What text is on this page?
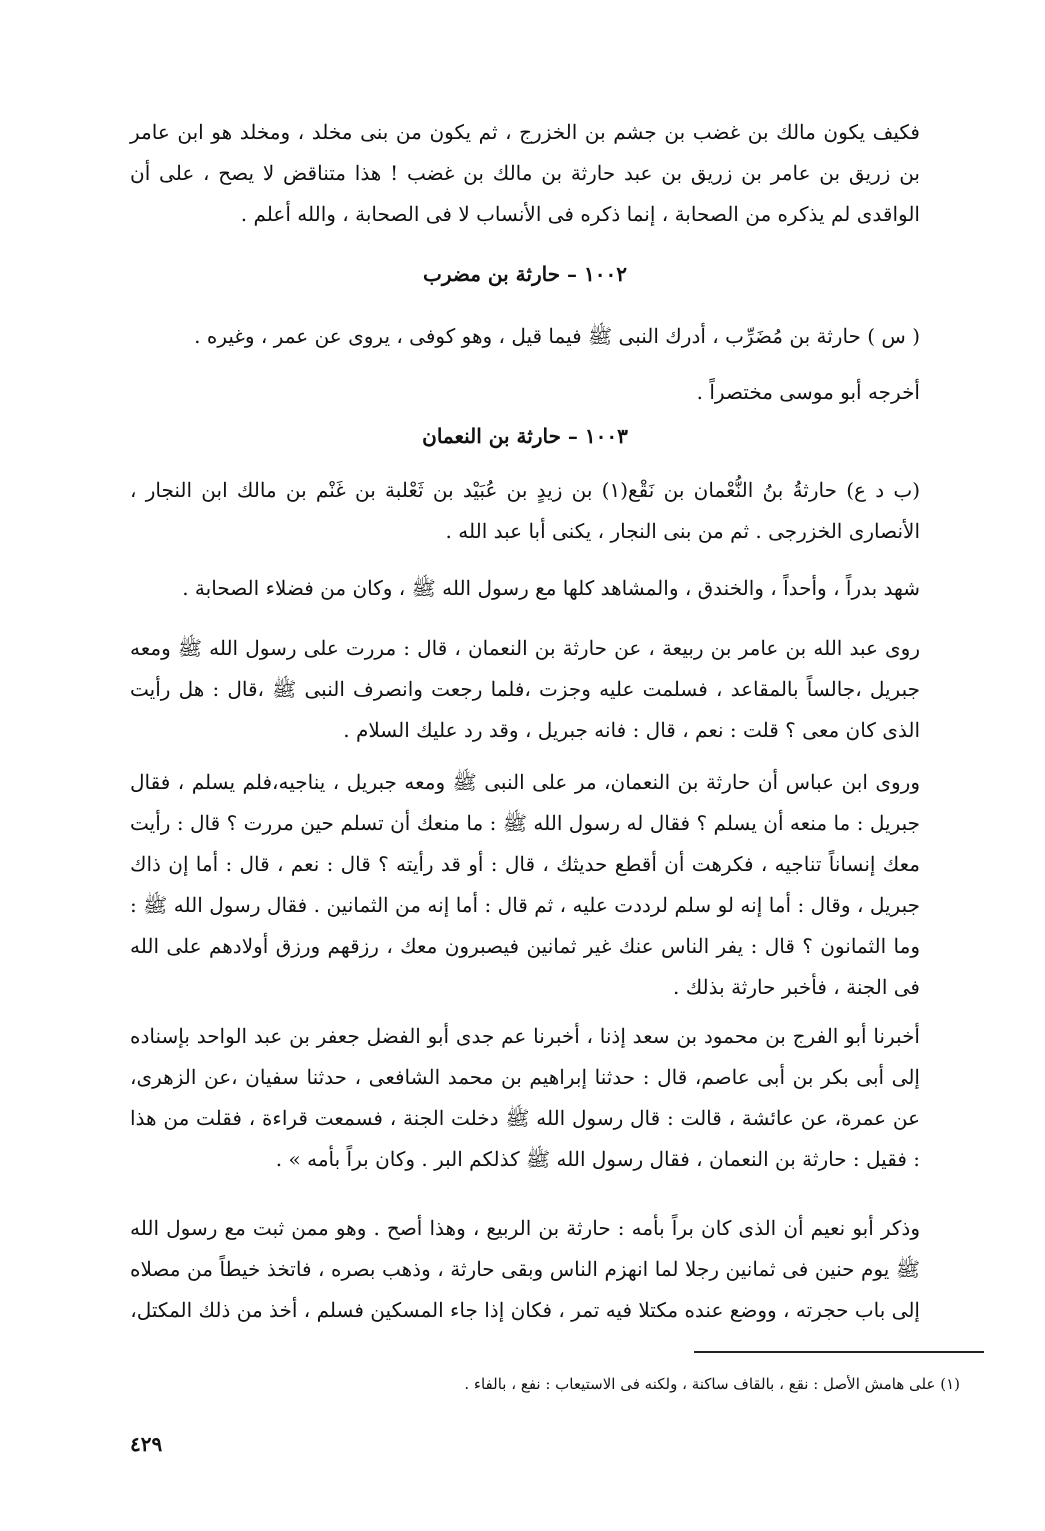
فكيف يكون مالك بن غضب بن جشم بن الخزرج ، ثم يكون من بنى مخلد ، ومخلد هو ابن عامر بن زريق بن عامر بن زريق بن عبد حارثة بن مالك بن غضب ! هذا متناقض لا يصح ، على أن الواقدى لم يذكره من الصحابة ، إنما ذكره فى الأنساب لا فى الصحابة ، والله أعلم .
١٠٠٢ – حارثة بن مضرب
( س ) حارثة بن مُضَرِّب ، أدرك النبى ﷺ فيما قيل ، وهو كوفى ، يروى عن عمر ، وغيره .
أخرجه أبو موسى مختصراً .
١٠٠٣ – حارثة بن النعمان
(ب د ع) حارثةُ بنُ النُّعْمان بن نَقْع(١) بن زيدٍ بن عُبَيْد بن ثَعْلبة بن غَنْم بن مالك ابن النجار ، الأنصارى الخزرجى . ثم من بنى النجار ، يكنى أبا عبد الله .
شهد بدراً ، وأحداً ، والخندق ، والمشاهد كلها مع رسول الله ﷺ ، وكان من فضلاء الصحابة .
روى عبد الله بن عامر بن ربيعة ، عن حارثة بن النعمان ، قال : مررت على رسول الله ﷺ ومعه جبريل ،جالساً بالمقاعد ، فسلمت عليه وجزت ،فلما رجعت وانصرف النبى ﷺ ،قال : هل رأيت الذى كان معى ؟ قلت : نعم ، قال : فانه جبريل ، وقد رد عليك السلام .
وروى ابن عباس أن حارثة بن النعمان، مر على النبى ﷺ ومعه جبريل ، يناجيه،فلم يسلم ، فقال جبريل : ما منعه أن يسلم ؟ فقال له رسول الله ﷺ : ما منعك أن تسلم حين مررت ؟ قال : رأيت معك إنساناً تناجيه ، فكرهت أن أقطع حديثك ، قال : أو قد رأيته ؟ قال : نعم ، قال : أما إن ذاك جبريل ، وقال : أما إنه لو سلم لرددت عليه ، ثم قال : أما إنه من الثمانين . فقال رسول الله ﷺ : وما الثمانون ؟ قال : يفر الناس عنك غير ثمانين فيصبرون معك ، رزقهم ورزق أولادهم على الله فى الجنة ، فأخبر حارثة بذلك .
أخبرنا أبو الفرج بن محمود بن سعد إذنا ، أخبرنا عم جدى أبو الفضل جعفر بن عبد الواحد بإسناده إلى أبى بكر بن أبى عاصم، قال : حدثنا إبراهيم بن محمد الشافعى ، حدثنا سفيان ،عن الزهرى، عن عمرة، عن عائشة ، قالت : قال رسول الله ﷺ دخلت الجنة ، فسمعت قراءة ، فقلت من هذا : فقيل : حارثة بن النعمان ، فقال رسول الله ﷺ كذلكم البر . وكان براً بأمه » .
وذكر أبو نعيم أن الذى كان براً بأمه : حارثة بن الربيع ، وهذا أصح . وهو ممن ثبت مع رسول الله ﷺ يوم حنين فى ثمانين رجلا لما انهزم الناس وبقى حارثة ، وذهب بصره ، فاتخذ خيطاً من مصلاه إلى باب حجرته ، ووضع عنده مكتلا فيه تمر ، فكان إذا جاء المسكين فسلم ، أخذ من ذلك المكتل،
(١) على هامش الأصل : نقع ، بالقاف ساكنة ، ولكنه فى الاستيعاب : نفع ، بالفاء .
٤٢٩
